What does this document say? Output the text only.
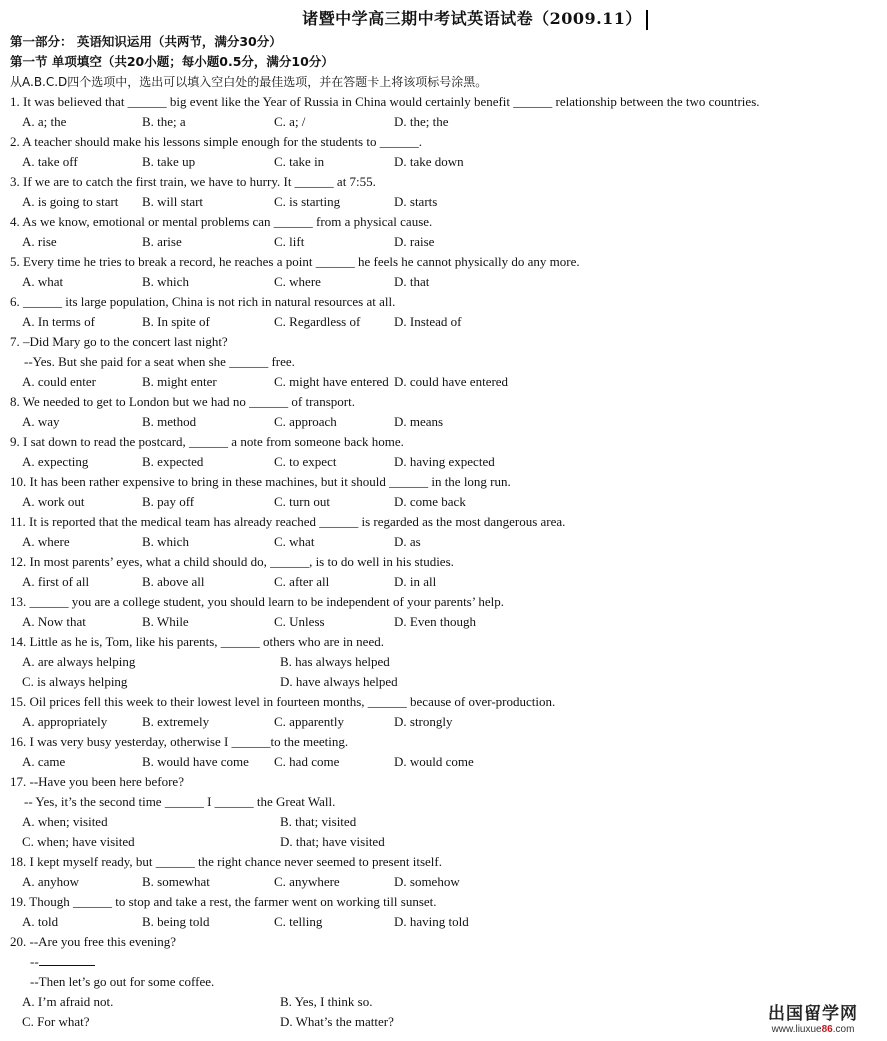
诸暨中学高三期中考试英语试卷（2009.11）
第一部分： 英语知识运用（共两节，满分30分）
第一节 单项填空（共20小题；每小题0.5分，满分10分）
从A.B.C.D四个选项中，选出可以填入空白处的最佳选项，并在答题卡上将该项标号涂黑。
1. It was believed that ______ big event like the Year of Russia in China would certainly benefit ______ relationship between the two countries.
A. a; the	B. the; a	C. a; /	D. the; the
2. A teacher should make his lessons simple enough for the students to ______.
A. take off	B. take up	C. take in	D. take down
3. If we are to catch the first train, we have to hurry. It ______ at 7:55.
A. is going to start B. will start	C. is starting	D. starts
4. As we know, emotional or mental problems can ______ from a physical cause.
A. rise	B. arise	C. lift	D. raise
5. Every time he tries to break a record, he reaches a point ______ he feels he cannot physically do any more.
A. what	B. which	C. where	D. that
6. ______ its large population, China is not rich in natural resources at all.
A. In terms of	B. In spite of	C. Regardless of	D. Instead of
7. –Did Mary go to the concert last night?
--Yes. But she paid for a seat when she ______ free.
A. could enter	B. might enter	C. might have entered D. could have entered
8. We needed to get to London but we had no ______ of transport.
A. way	B. method	C. approach	D. means
9. I sat down to read the postcard, ______ a note from someone back home.
A. expecting	B. expected	C. to expect	D. having expected
10. It has been rather expensive to bring in these machines, but it should ______ in the long run.
A. work out	B. pay off	C. turn out	D. come back
11. It is reported that the medical team has already reached ______ is regarded as the most dangerous area.
A. where	B. which	C. what	D. as
12. In most parents’ eyes, what a child should do, ______, is to do well in his studies.
A. first of all	B. above all	C. after all	D. in all
13. ______ you are a college student, you should learn to be independent of your parents’ help.
A. Now that	B. While	C. Unless	D. Even though
14. Little as he is, Tom, like his parents, ______ others who are in need.
A. are always helping	B. has always helped
C. is always helping	D. have always helped
15. Oil prices fell this week to their lowest level in fourteen months, ______ because of over-production.
A. appropriately	B. extremely	C. apparently	D. strongly
16. I was very busy yesterday, otherwise I ______to the meeting.
A. came	B. would have come C. had come	D. would come
17. --Have you been here before?
-- Yes, it’s the second time ______ I ______ the Great Wall.
A. when; visited	B. that; visited
C. when; have visited	D. that; have visited
18. I kept myself ready, but ______ the right chance never seemed to present itself.
A. anyhow	B. somewhat	C. anywhere	D. somehow
19. Though ______ to stop and take a rest, the farmer went on working till sunset.
A. told	B. being told	C. telling	D. having told
20. --Are you free this evening?
--
--Then let’s go out for some coffee.
A. I’m afraid not.	B. Yes, I think so.
C. For what?	D. What’s the matter?	出国留学网
www.liuxue86.com
